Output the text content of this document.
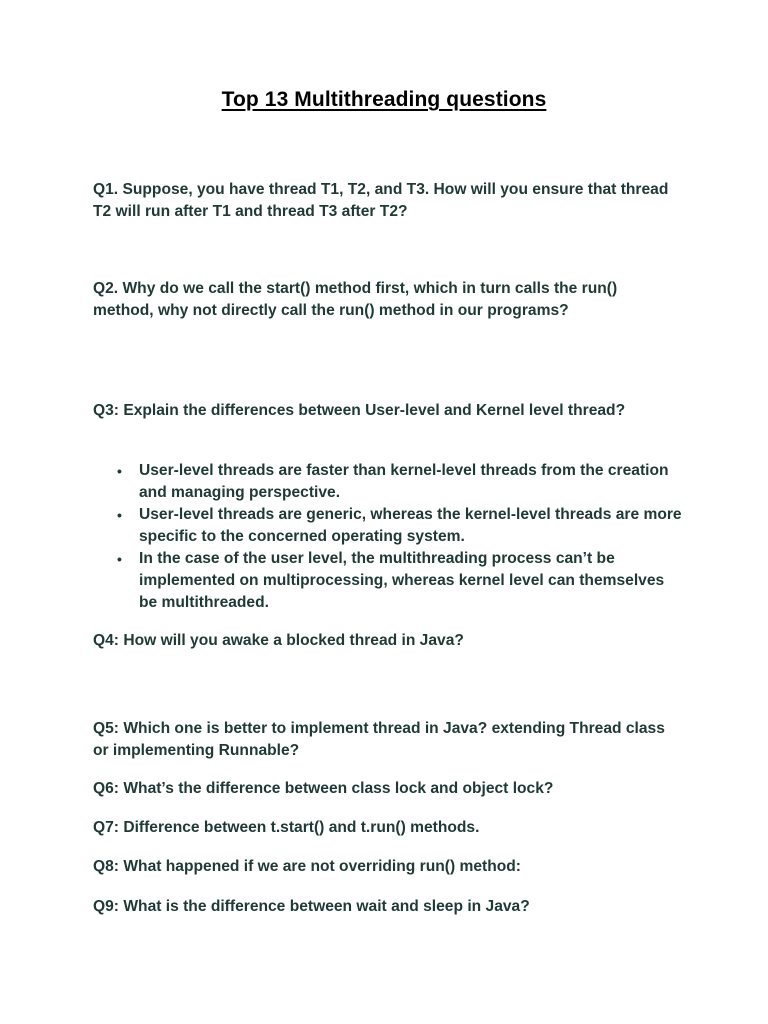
Top 13 Multithreading questions

Q1. Suppose, you have thread T1, T2, and T3. How will you ensure that thread T2 will run after T1 and thread T3 after T2?

Q2. Why do we call the start() method first, which in turn calls the run() method, why not directly call the run() method in our programs?

Q3: Explain the differences between User-level and Kernel level thread?

• User-level threads are faster than kernel-level threads from the creation and managing perspective.
• User-level threads are generic, whereas the kernel-level threads are more specific to the concerned operating system.
• In the case of the user level, the multithreading process can’t be implemented on multiprocessing, whereas kernel level can themselves be multithreaded.

Q4: How will you awake a blocked thread in Java?

Q5: Which one is better to implement thread in Java? extending Thread class or implementing Runnable?

Q6: What’s the difference between class lock and object lock?

Q7: Difference between t.start() and t.run() methods.

Q8: What happened if we are not overriding run() method:

Q9: What is the difference between wait and sleep in Java?
